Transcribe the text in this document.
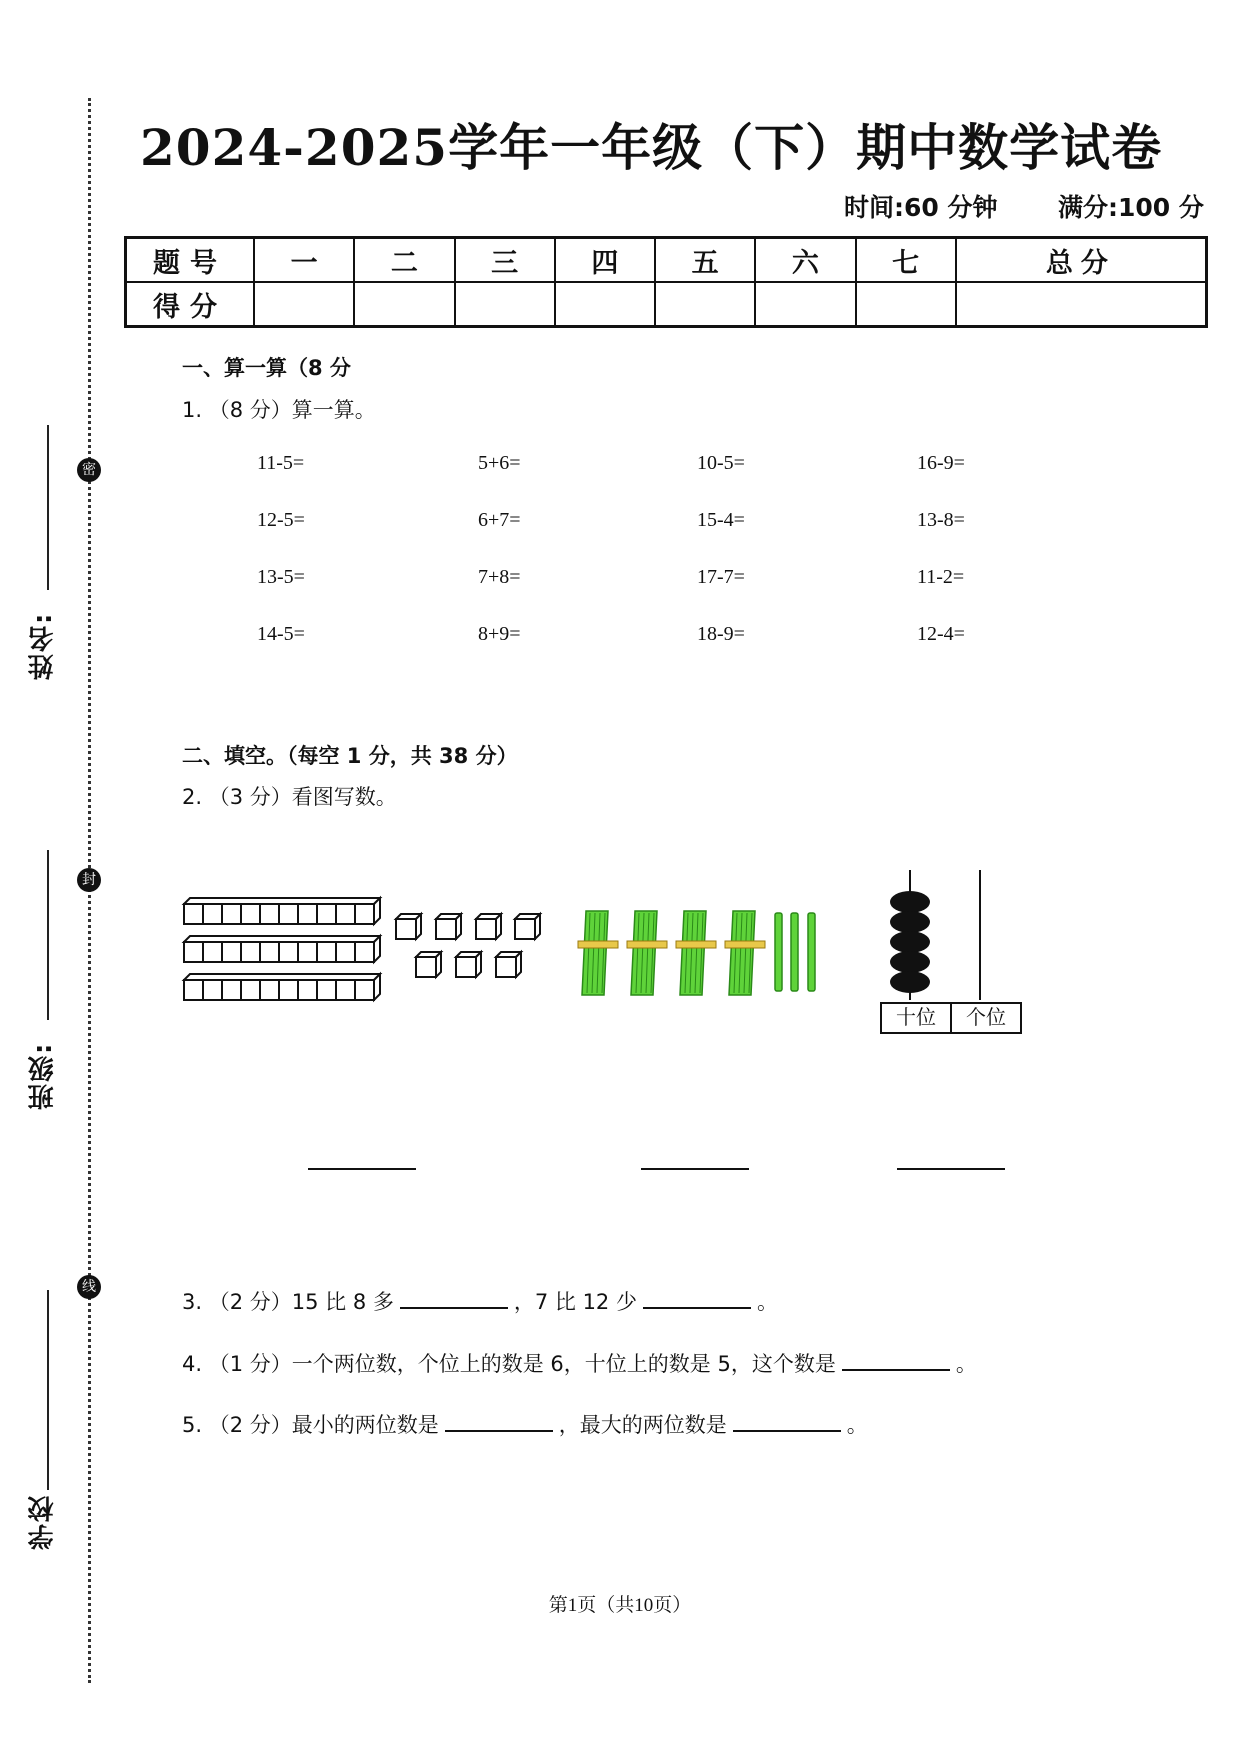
密
封
线
姓名:
班级:
学校
2024-2025学年一年级（下）期中数学试卷
时间:60 分钟 满分:100 分
题号	一	二	三	四	五	六	七	总分
得分								
一、算一算（8 分
1. （8 分）算一算。
11-5=	5+6=	10-5=	16-9=
12-5=	6+7=	15-4=	13-8=
13-5=	7+8=	17-7=	11-2=
14-5=	8+9=	18-9=	12-4=
二、填空。（每空 1 分，共 38 分）
2. （3 分）看图写数。
十位	个位
3. （2 分）15 比 8 多	，7 比 12 少	。
4. （1 分）一个两位数，个位上的数是 6，十位上的数是 5，这个数是	。
5. （2 分）最小的两位数是	，最大的两位数是	。
第1页（共10页）
